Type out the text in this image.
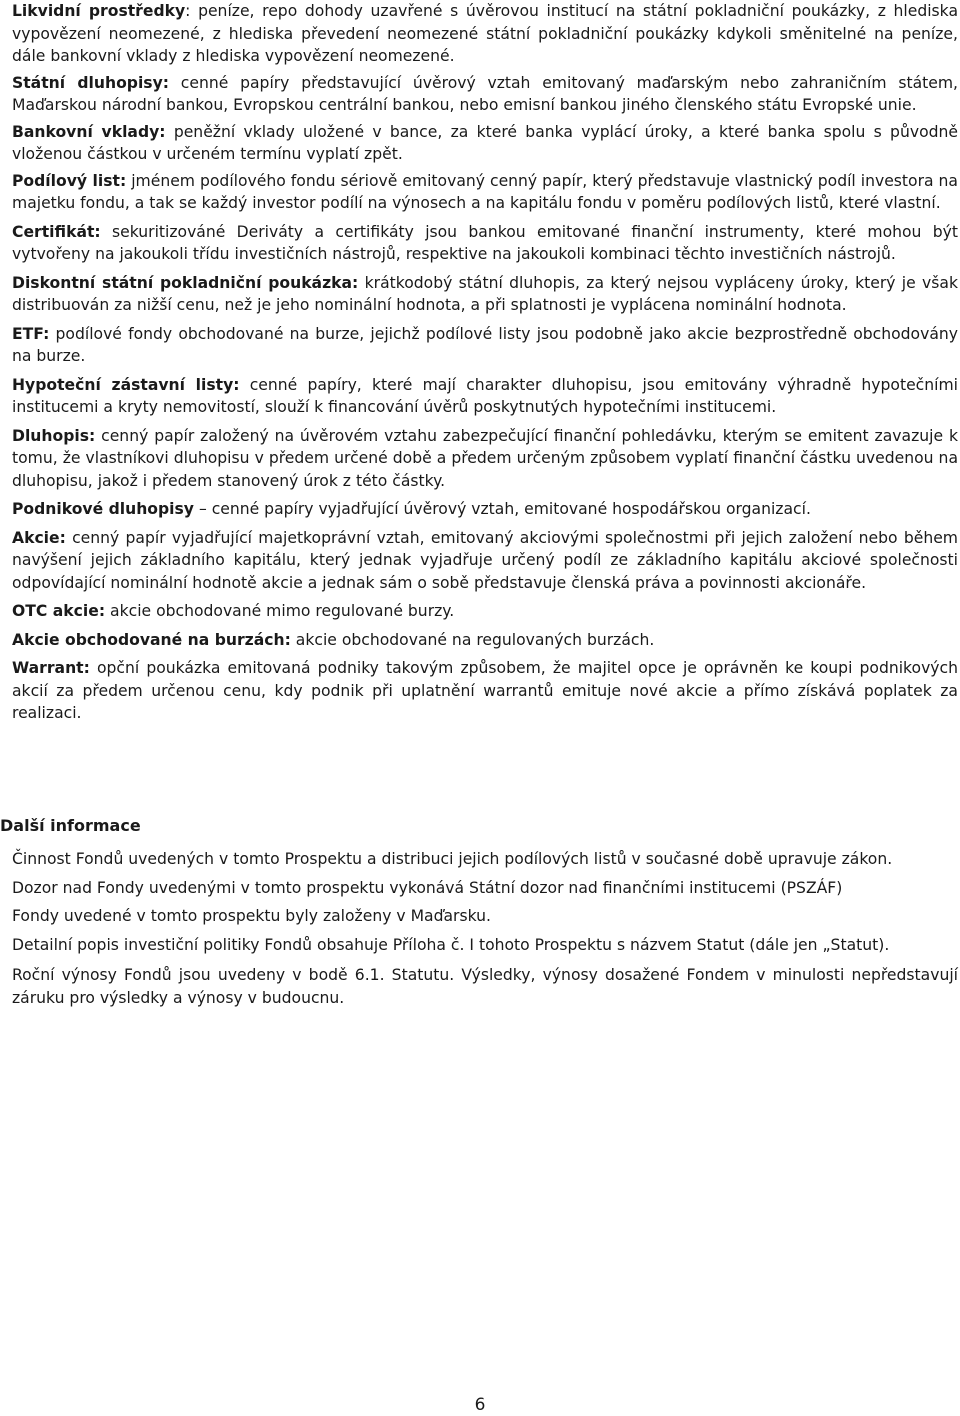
Likvidní prostředky: peníze, repo dohody uzavřené s úvěrovou institucí na státní pokladniční poukázky, z hlediska vypovězení neomezené, z hlediska převedení neomezené státní pokladniční poukázky kdykoli směnitelné na peníze, dále bankovní vklady z hlediska vypovězení neomezené.

Státní dluhopisy: cenné papíry představující úvěrový vztah emitovaný maďarským nebo zahraničním státem, Maďarskou národní bankou, Evropskou centrální bankou, nebo emisní bankou jiného členského státu Evropské unie.

Bankovní vklady: peněžní vklady uložené v bance, za které banka vyplácí úroky, a které banka spolu s původně vloženou částkou v určeném termínu vyplatí zpět.

Podílový list: jménem podílového fondu sériově emitovaný cenný papír, který představuje vlastnický podíl investora na majetku fondu, a tak se každý investor podílí na výnosech a na kapitálu fondu v poměru podílových listů, které vlastní.

Certifikát: sekuritizováné Deriváty a certifikáty jsou bankou emitované finanční instrumenty, které mohou být vytvořeny na jakoukoli třídu investičních nástrojů, respektive na jakoukoli kombinaci těchto investičních nástrojů.

Diskontní státní pokladniční poukázka: krátkodobý státní dluhopis, za který nejsou vypláceny úroky, který je však distribuován za nižší cenu, než je jeho nominální hodnota, a při splatnosti je vyplácena nominální hodnota.

ETF: podílové fondy obchodované na burze, jejichž podílové listy jsou podobně jako akcie bezprostředně obchodovány na burze.

Hypoteční zástavní listy: cenné papíry, které mají charakter dluhopisu, jsou emitovány výhradně hypotečními institucemi a kryty nemovitostí, slouží k financování úvěrů poskytnutých hypotečními institucemi.

Dluhopis: cenný papír založený na úvěrovém vztahu zabezpečující finanční pohledávku, kterým se emitent zavazuje k tomu, že vlastníkovi dluhopisu v předem určené době a předem určeným způsobem vyplatí finanční částku uvedenou na dluhopisu, jakož i předem stanovený úrok z této částky.

Podnikové dluhopisy – cenné papíry vyjadřující úvěrový vztah, emitované hospodářskou organizací.

Akcie: cenný papír vyjadřující majetkoprávní vztah, emitovaný akciovými společnostmi při jejich založení nebo během navýšení jejich základního kapitálu, který jednak vyjadřuje určený podíl ze základního kapitálu akciové společnosti odpovídající nominální hodnotě akcie a jednak sám o sobě představuje členská práva a povinnosti akcionáře.

OTC akcie: akcie obchodované mimo regulované burzy.

Akcie obchodované na burzách: akcie obchodované na regulovaných burzách.

Warrant: opční poukázka emitovaná podniky takovým způsobem, že majitel opce je oprávněn ke koupi podnikových akcií za předem určenou cenu, kdy podnik při uplatnění warrantů emituje nové akcie a přímo získává poplatek za realizaci.

Další informace

Činnost Fondů uvedených v tomto Prospektu a distribuci jejich podílových listů v současné době upravuje zákon.

Dozor nad Fondy uvedenými v tomto prospektu vykonává Státní dozor nad finančními institucemi (PSZÁF)

Fondy uvedené v tomto prospektu byly založeny v Maďarsku.

Detailní popis investiční politiky Fondů obsahuje Příloha č. I tohoto Prospektu s názvem Statut (dále jen „Statut).

Roční výnosy Fondů jsou uvedeny v bodě 6.1. Statutu. Výsledky, výnosy dosažené Fondem v minulosti nepředstavují záruku pro výsledky a výnosy v budoucnu.

6
